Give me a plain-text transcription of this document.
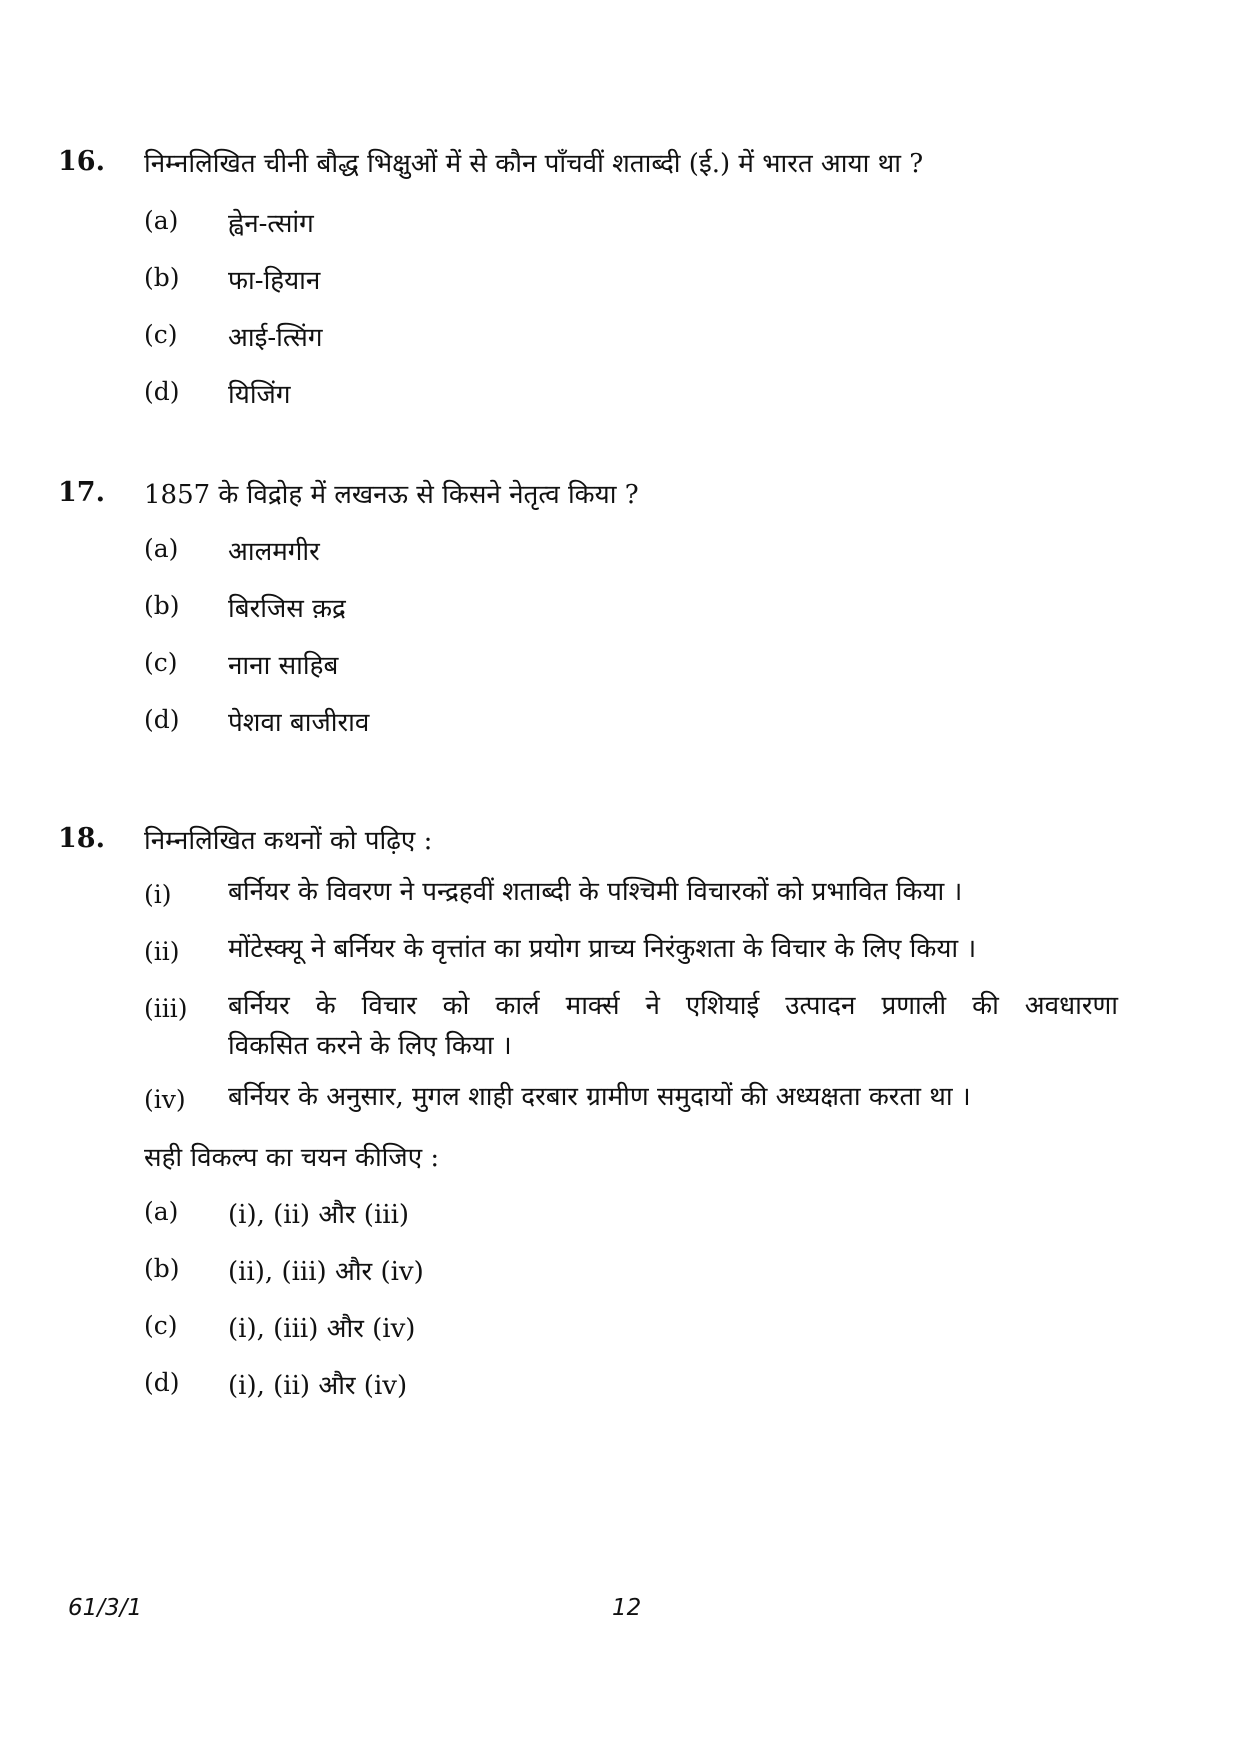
16. निम्नलिखित चीनी बौद्ध भिक्षुओं में से कौन पाँचवीं शताब्दी (ई.) में भारत आया था ?
(a) ह्वेन-त्सांग
(b) फा-हियान
(c) आई-त्सिंग
(d) यिजिंग
17. 1857 के विद्रोह में लखनऊ से किसने नेतृत्व किया ?
(a) आलमगीर
(b) बिरजिस क़द्र
(c) नाना साहिब
(d) पेशवा बाजीराव
18. निम्नलिखित कथनों को पढ़िए :
(i) बर्नियर के विवरण ने पन्द्रहवीं शताब्दी के पश्चिमी विचारकों को प्रभावित किया ।
(ii) मोंटेस्क्यू ने बर्नियर के वृत्तांत का प्रयोग प्राच्य निरंकुशता के विचार के लिए किया ।
(iii) बर्नियर के विचार को कार्ल मार्क्स ने एशियाई उत्पादन प्रणाली की अवधारणा
विकसित करने के लिए किया ।
(iv) बर्नियर के अनुसार, मुगल शाही दरबार ग्रामीण समुदायों की अध्यक्षता करता था ।
सही विकल्प का चयन कीजिए :
(a) (i), (ii) और (iii)
(b) (ii), (iii) और (iv)
(c) (i), (iii) और (iv)
(d) (i), (ii) और (iv)
61/3/1	12
